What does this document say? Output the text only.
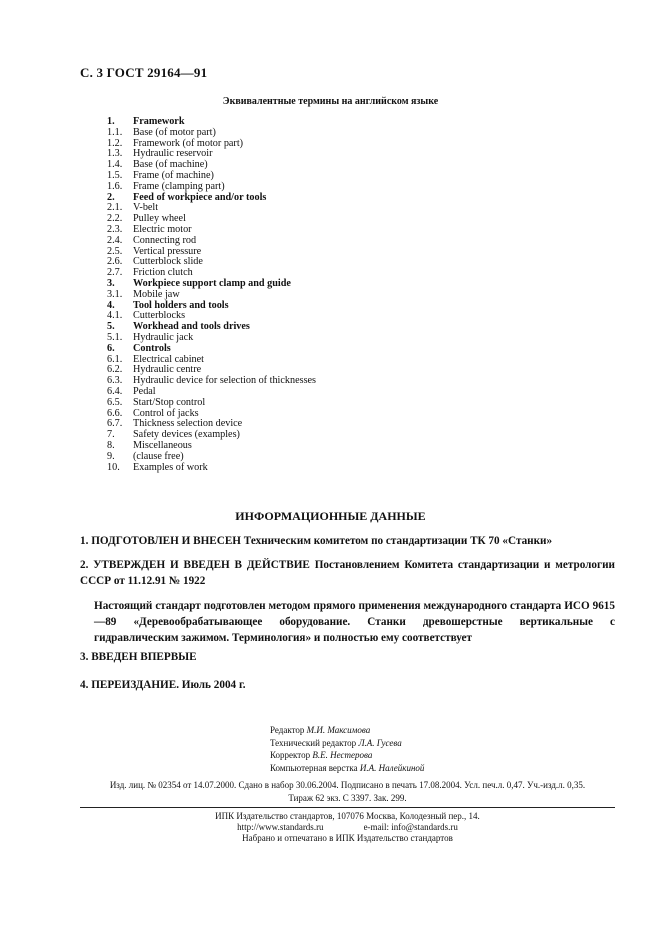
С. 3 ГОСТ 29164—91
Эквивалентные термины на английском языке
1.	Framework
1.1.	Base (of motor part)
1.2.	Framework (of motor part)
1.3.	Hydraulic reservoir
1.4.	Base (of machine)
1.5.	Frame (of machine)
1.6.	Frame (clamping part)
2.	Feed of workpiece and/or tools
2.1.	V-belt
2.2.	Pulley wheel
2.3.	Electric motor
2.4.	Connecting rod
2.5.	Vertical pressure
2.6.	Cutterblock slide
2.7.	Friction clutch
3.	Workpiece support clamp and guide
3.1.	Mobile jaw
4.	Tool holders and tools
4.1.	Cutterblocks
5.	Workhead and tools drives
5.1.	Hydraulic jack
6.	Controls
6.1.	Electrical cabinet
6.2.	Hydraulic centre
6.3.	Hydraulic device for selection of thicknesses
6.4.	Pedal
6.5.	Start/Stop control
6.6.	Control of jacks
6.7.	Thickness selection device
7.	Safety devices (examples)
8.	Miscellaneous
9.	(clause free)
10.	Examples of work
ИНФОРМАЦИОННЫЕ ДАННЫЕ
1. ПОДГОТОВЛЕН И ВНЕСЕН Техническим комитетом по стандартизации ТК 70 «Станки»
2. УТВЕРЖДЕН И ВВЕДЕН В ДЕЙСТВИЕ Постановлением Комитета стандартизации и метрологии СССР от 11.12.91 № 1922
Настоящий стандарт подготовлен методом прямого применения международного стандарта ИСО 9615—89 «Деревообрабатывающее оборудование. Станки древошерстные вертикальные с гидравлическим зажимом. Терминология» и полностью ему соответствует
3. ВВЕДЕН ВПЕРВЫЕ
4. ПЕРЕИЗДАНИЕ. Июль 2004 г.
Редактор М.И. Максимова
Технический редактор Л.А. Гусева
Корректор В.Е. Нестерова
Компьютерная верстка И.А. Налейкиной
Изд. лиц. № 02354 от 14.07.2000. Сдано в набор 30.06.2004. Подписано в печать 17.08.2004. Усл. печ.л. 0,47. Уч.-изд.л. 0,35.
Тираж 62 экз. С 3397. Зак. 299.
ИПК Издательство стандартов, 107076 Москва, Колодезный пер., 14.
http://www.standards.ru	e-mail: info@standards.ru
Набрано и отпечатано в ИПК Издательство стандартов
